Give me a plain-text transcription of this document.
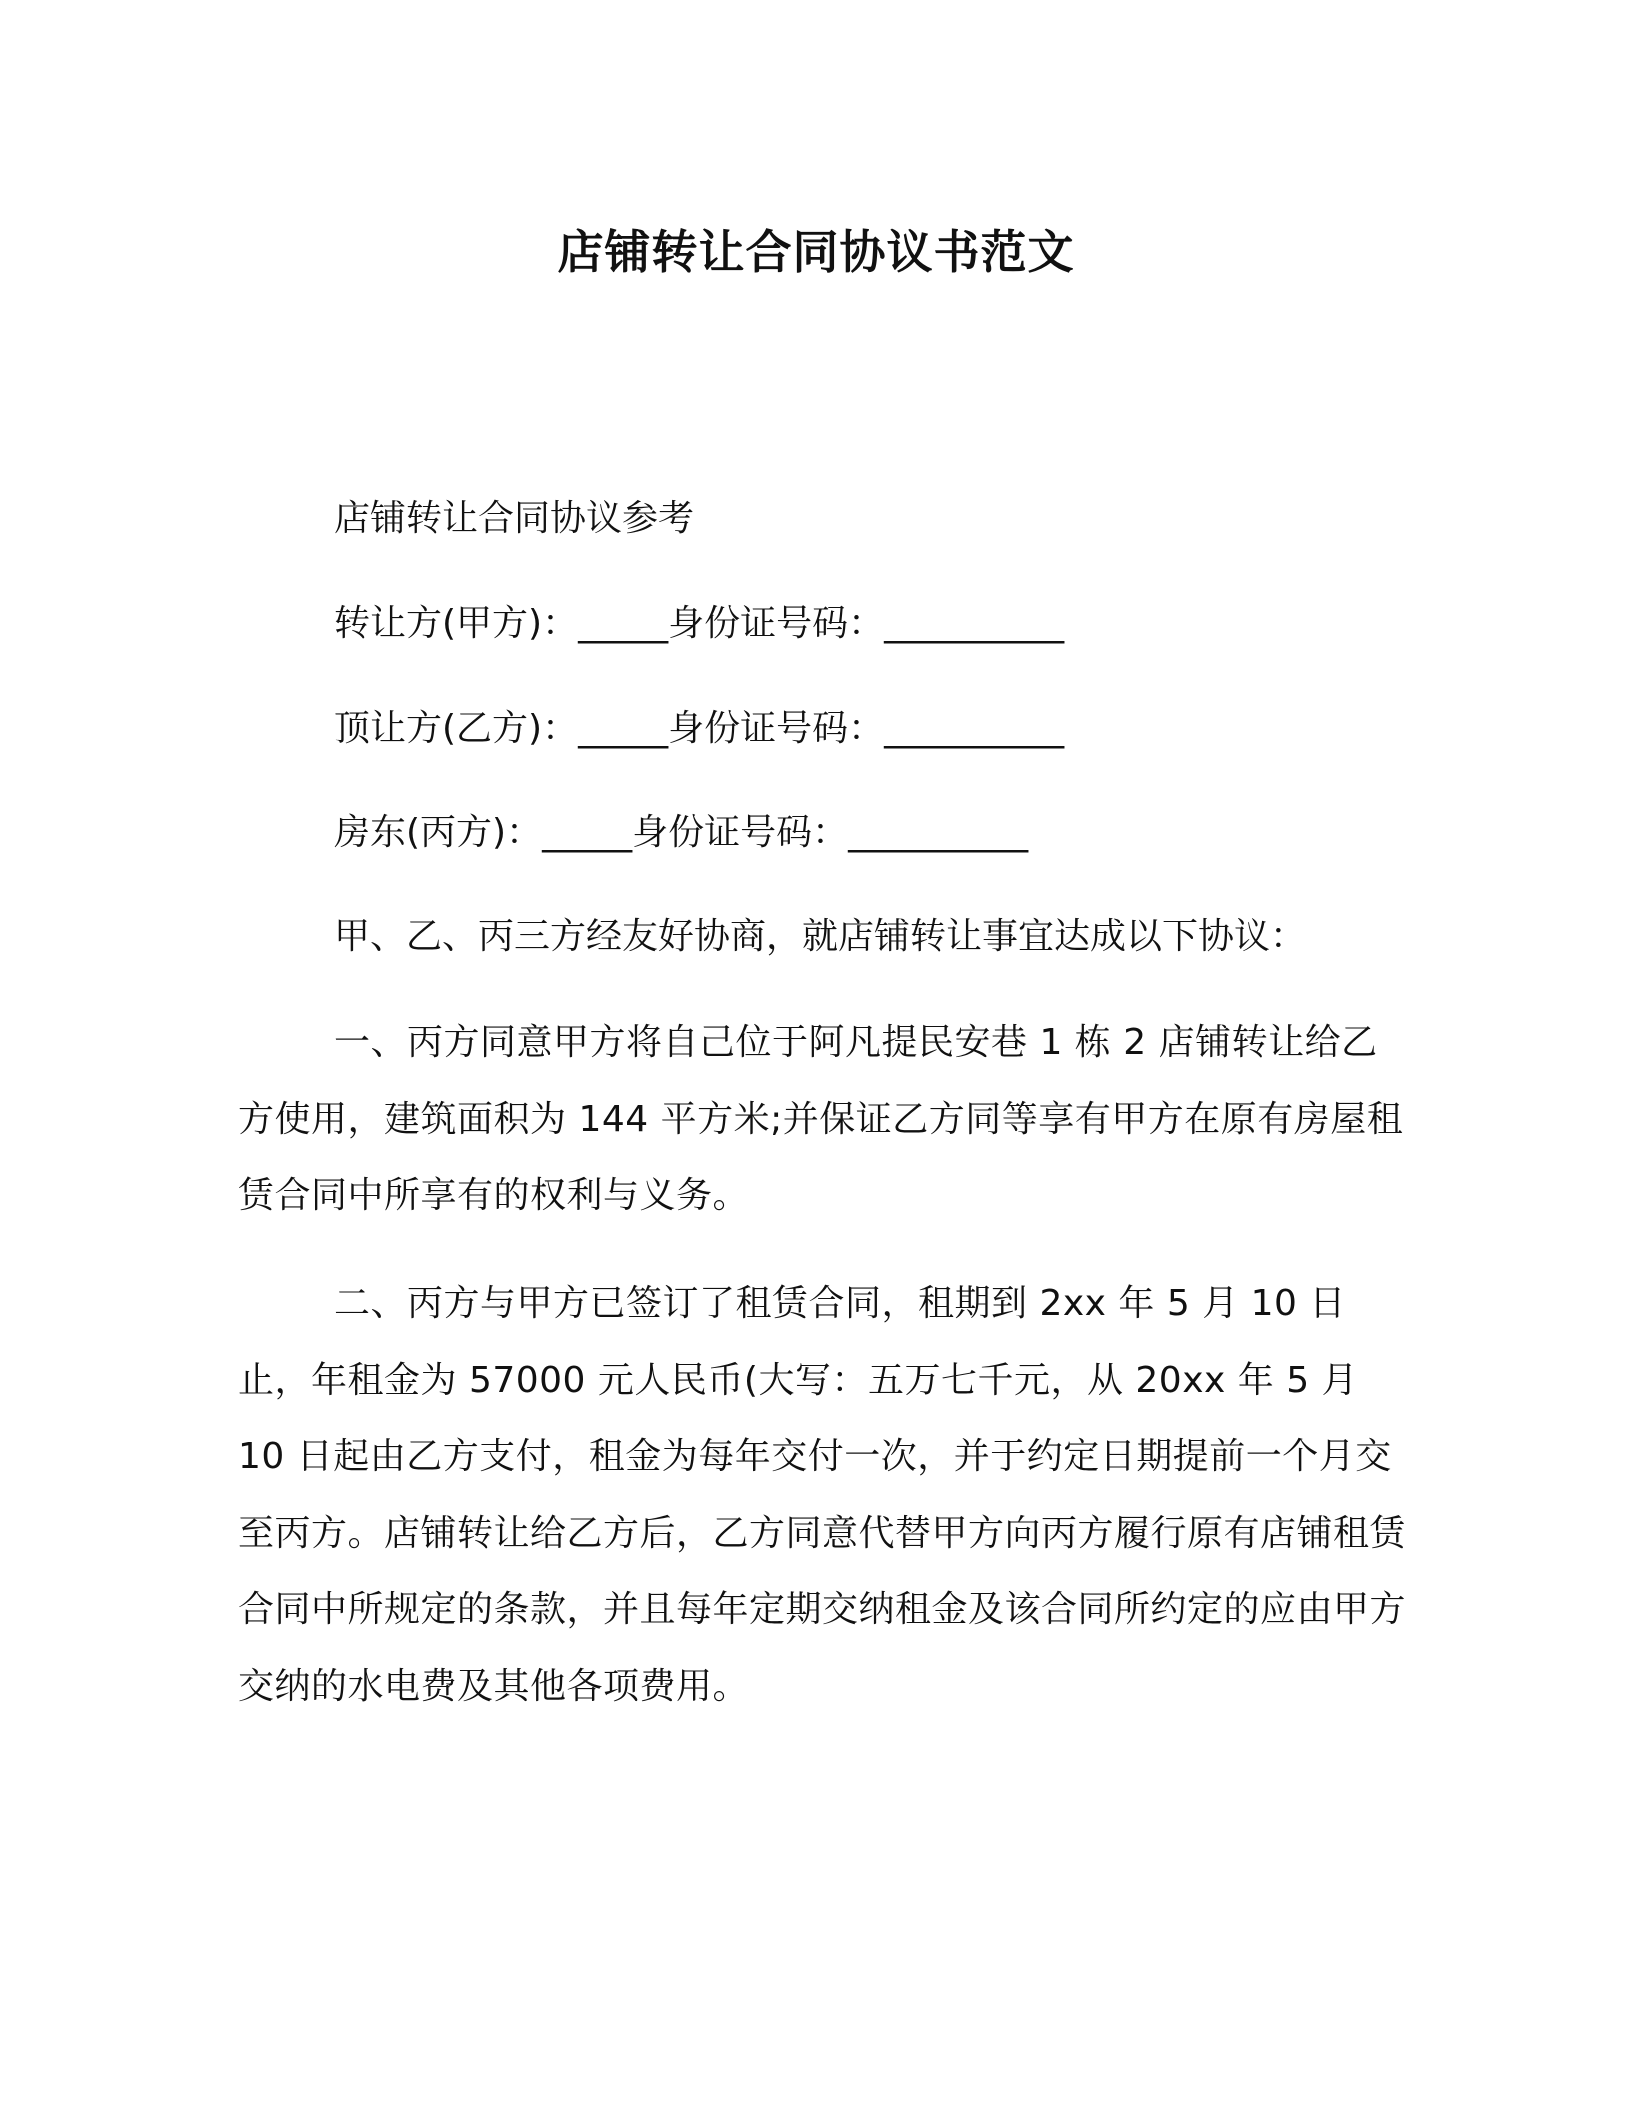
店铺转让合同协议书范文

店铺转让合同协议参考

转让方(甲方)：_____身份证号码：__________

顶让方(乙方)：_____身份证号码：__________

房东(丙方)：_____身份证号码：__________

甲、乙、丙三方经友好协商，就店铺转让事宜达成以下协议：

一、丙方同意甲方将自己位于阿凡提民安巷 1 栋 2 店铺转让给乙方使用，建筑面积为 144 平方米;并保证乙方同等享有甲方在原有房屋租赁合同中所享有的权利与义务。

二、丙方与甲方已签订了租赁合同，租期到 2xx 年 5 月 10 日止，年租金为 57000 元人民币(大写：五万七千元，从 20xx 年 5 月 10 日起由乙方支付，租金为每年交付一次，并于约定日期提前一个月交至丙方。店铺转让给乙方后，乙方同意代替甲方向丙方履行原有店铺租赁合同中所规定的条款，并且每年定期交纳租金及该合同所约定的应由甲方交纳的水电费及其他各项费用。
